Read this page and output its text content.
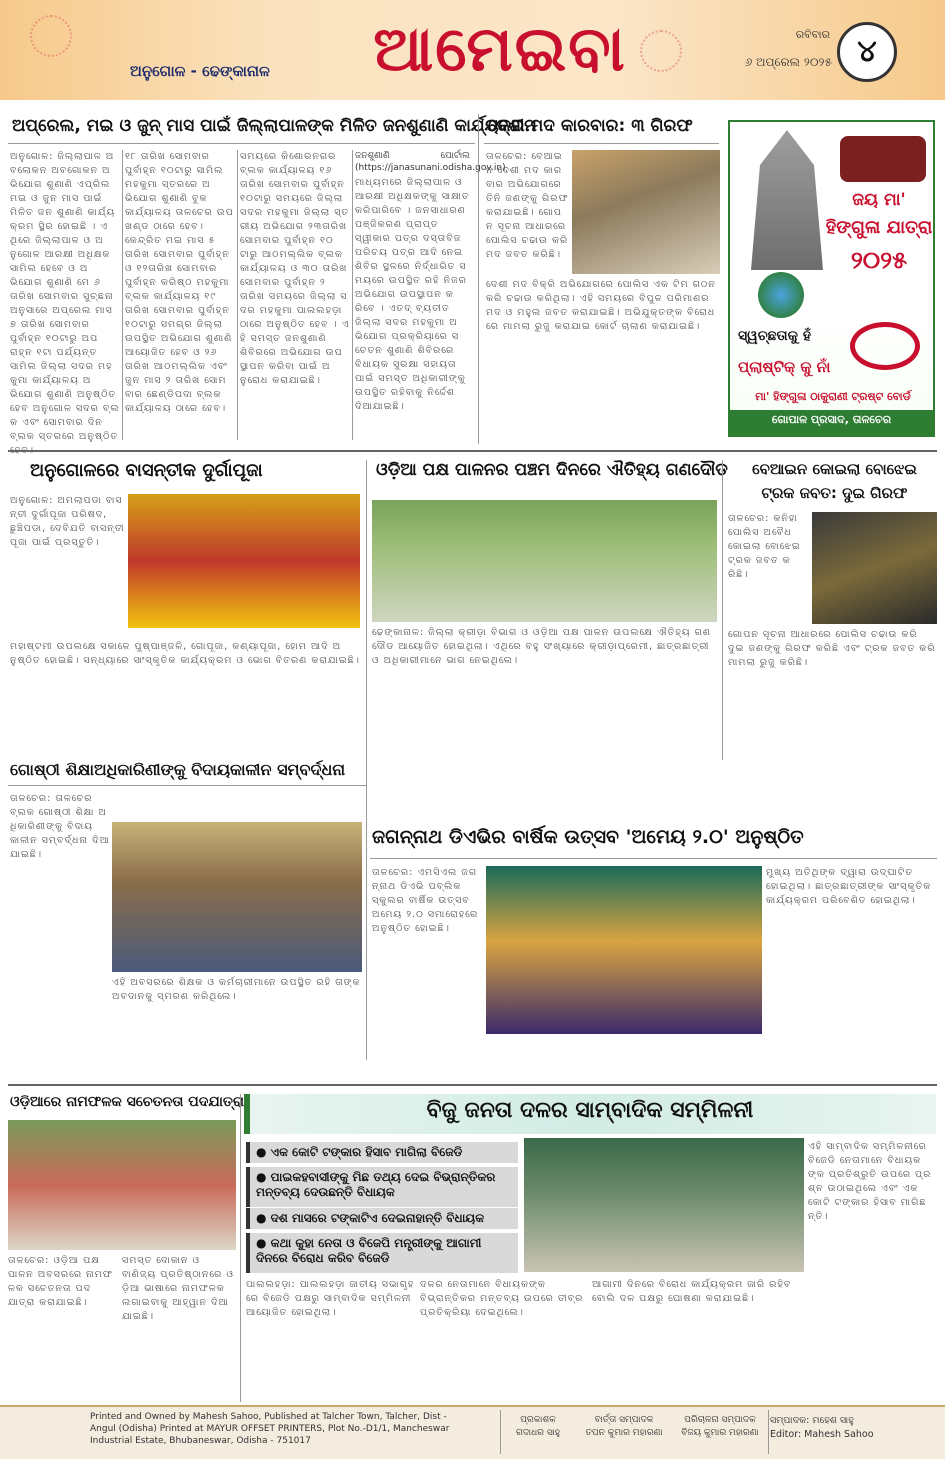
ଆମେଇବା
ଅନୁଗୋଳ - ଢେଙ୍କାନାଳ
ରବିବାର
୬ ଅପ୍ରେଲ ୨୦୨୫ ୪
ଅପ୍ରେଲ, ମଇ ଓ ଜୁନ୍ ମାସ ପାଇଁ ଜିଲ୍ଲାପାଳଙ୍କ ମିଳିତ ଜନଶୁଣାଣି କାର୍ଯ୍ୟକ୍ରମ
ଅନୁଗୋଳ: ଜିଲ୍ଲାପାଳ ଅବଲୋକନ ଅବଗୋକନ ଅଭିଯୋଗ ଶୁଣାଣି ଏପ୍ରିଲ ମଇ ଓ ଜୁନ ମାସ ପାଇଁ ମିଳିତ ଜନ ଶୁଣାଣି କାର୍ଯ୍ୟକ୍ରମ ସ୍ଥିର ହୋଇଛି । ଏଥିରେ ଜିଲ୍ଲାପାଳ ଓ ଅନୁଗୋଳ ଆରକ୍ଷୀ ଅଧିକ୍ଷକ ସାମିଲ ହେବେ ଓ ଅଭିଯୋଗ ଶୁଣାଣି ମେ ୬ ତାରିଖ ସୋମବାର ସୁଚ୍ଛନା ଅନୁସାରେ ଅପ୍ରେଲ ମାସ ୭ ତାରିଖ ସୋମବାର ପୁର୍ବାହ୍ନ ୧୦ଟାରୁ ଅପରାହ୍ନ ୧ଟା ପର୍ଯ୍ୟନ୍ତ ସାମିଲ ଜିଲ୍ଲା ସଦର ମହକୁମା କାର୍ଯ୍ୟାଳୟ ଅଭିଯୋଗ ଶୁଣାଣି ଅନୁଷ୍ଠିତ ହେବ ଅନୁଗୋଳ ସଦର ବ୍ଲକ ଏବଂ ସୋମବାର ଦିନ ବ୍ଲକ ସ୍ତରରେ ଅନୁଷ୍ଠିତ ହେବ।
୧୮ ତାରିଖ ସୋମବାର ପୁର୍ବାହ୍ନ ୧୦ଟାରୁ ସାମିଲ ମହକୁମା ସ୍ତରରେ ଅଭିଯୋଗ ଶୁଣାଣି ବୁକ କାର୍ଯ୍ୟାଳୟ ତାଳଚେର ଉପଖଣ୍ଡ ଠାରେ ହେବ। କେନ୍ଦ୍ରିତ ମଇ ମାସ ୫ ତାରିଖ ସୋମବାର ପୁର୍ବାହ୍ନ ଓ ୧୨ତାରିଖ ସୋମବାର ପୁର୍ବାହ୍ନ କରିଷ୍ଠ ମହକୁମା ବ୍ଲକ କାର୍ଯ୍ୟାଳୟ ୧୯ ତାରିଖ ସୋମବାର ପୁର୍ବାହ୍ନ ୧୦ଟାରୁ ସମଗ୍ର ଜିଲ୍ଲା ଉପସ୍ଥିତ ଅଭିଯୋଗ ଶୁଣାଣି ଆୟୋଜିତ ହେବ ଓ ୨୬ ତାରିଖ ଆଠମଲ୍ଲିକ ଏବଂ ଜୁନ ମାସ ୨ ତାରିଖ ସୋମବାର ଛେଣ୍ଡିପଦା ବ୍ଲକ କାର୍ଯ୍ୟାଳୟ ଠାରେ ହେବ।
ସମୟରେ କିଶୋରନଗର ବ୍ଲକ କାର୍ଯ୍ୟାଳୟ ୧୬ତାରିଖ ସୋମବାର ପୁର୍ବାହ୍ନ ୧୦ଟାରୁ ସମୟରେ ଜିଲ୍ଲା ସଦର ମହକୁମା ଜିଲ୍ଲା ସ୍ତରୀୟ ଅଭିଯୋଗ ୨୩ତାରିଖ ସୋମବାର ପୁର୍ବାହ୍ନ ୧୦ଟାରୁ ଆଠମଲ୍ଲିକ ବ୍ଲକ କାର୍ଯ୍ୟାଳୟ ଓ ୩୦ ତାରିଖ ସୋମବାର ପୁର୍ବାହ୍ନ ୨ ତାରିଖ ସମୟରେ ଜିଲ୍ଲା ସଦର ମହକୁମା ପାଲଲହଡ଼ା ଠାରେ ଅନୁଷ୍ଠିତ ହେବ । ଏହି ସମସ୍ତ ଜନଶୁଣାଣି ଶିବିରରେ ଅଭିଯୋଗ ଉପସ୍ଥାପନ କରିବା ପାଇଁ ଅନୁରୋଧ କରାଯାଇଛି।
ଜନଶୁଣାଣି ପୋର୍ଟାଲ (https://janasunani.odisha.gov.in)
ମାଧ୍ୟମରେ ଜିଲ୍ଲାପାଳ ଓ ଆରକ୍ଷୀ ଅଧିକ୍ଷକଙ୍କୁ ସାକ୍ଷାତ କରିପାରିବେ । ଜନସାଧାରଣ ପଞ୍ଜିକରଣ ପ୍ରାପ୍ତ ସ୍ୱୀକାର ପତ୍ର ଦସ୍ତାବିଜ ପରିଚୟ ପତ୍ର ଆଦି ନେଇ ଶିବିର ସ୍ଥଳରେ ନିର୍ଦ୍ଧାରିତ ସମୟରେ ଉପସ୍ଥିତ ରହି ନିଜର ଅଭିଯୋଗ ଉପସ୍ଥାପନ କରିବେ । ଏତଦ୍ ବ୍ୟତୀତ ଜିଲ୍ଲା ସଦର ମହକୁମା ଅଭିଯୋଗ ପ୍ରକ୍ରିୟାରେ ସଚେତନ ଶୁଣାଣି ଶିବିରରେ ବିଧାୟକ ସୁରକ୍ଷା ସହାୟତା ପାଇଁ ସମସ୍ତ ଅଧିକାରୀଙ୍କୁ ଉପସ୍ଥିତ ରହିବାକୁ ନିର୍ଦ୍ଦେଶ ଦିଆଯାଇଛି।
ଦେଶୀ ମଦ କାରବାର: ୩ ଗିରଫ
ତାଳଚେର: ବେଆଇନ ଦେଶୀ ମଦ କାରବାର ଅଭିଯୋଗରେ ତିନି ଜଣଙ୍କୁ ଗିରଫ କରାଯାଇଛି। ଗୋପନ ସୂଚନା ଆଧାରରେ ପୋଲିସ ଚଢାଉ କରି ମଦ ଜବତ କରିଛି।
ଦେଶୀ ମଦ ବିକ୍ରି ଅଭିଯୋଗରେ ପୋଲିସ ଏକ ଟିମ ଗଠନ କରି ଚଢାଉ କରିଥିଲା। ଏହି ସମୟରେ ବିପୁଳ ପରିମାଣର ମଦ ଓ ମହୁଲ ଜବତ କରାଯାଇଛି। ଅଭିଯୁକ୍ତଙ୍କ ବିରୋଧରେ ମାମଲା ରୁଜୁ କରାଯାଇ କୋର୍ଟ ଚାଲାଣ କରାଯାଇଛି।
ଜୟ ମା'
ହିଙ୍ଗୁଳା ଯାତ୍ରା
୨୦୨୫
ସ୍ୱଚ୍ଛତାକୁ ହଁ
ପ୍ଲାଷ୍ଟିକ୍ କୁ ନାଁ
ମା' ହିଙ୍ଗୁଳା ଠାକୁରାଣୀ ଟ୍ରଷ୍ଟ ବୋର୍ଡ
ଗୋପାଳ ପ୍ରସାଦ, ତାଳଚେର
ଅନୁଗୋଳରେ ବାସନ୍ତୀକ ଦୁର୍ଗାପୂଜା
ଅନୁଗୋଳ: ଅମଲାପଡା ବାସନ୍ତୀ ଦୁର୍ଗାପୂଜା ପରିଷଦ, ଛୁଞ୍ଚିପଡା, ଦେବିଯତି ବାସନ୍ତୀ ପୂଜା ପାଇଁ ପ୍ରସ୍ତୁତି।
ମହାଷ୍ଟମୀ ଉପଲକ୍ଷେ ସକାଳେ ପୁଷ୍ପାଞ୍ଜଳି, ଗୋପୂଜା, କଣ୍ୟାପୂଜା, ହୋମ ଆଦି ଅନୁଷ୍ଠିତ ହୋଇଛି। ସନ୍ଧ୍ୟାରେ ସାଂସ୍କୃତିକ କାର୍ଯ୍ୟକ୍ରମ ଓ ଭୋଗ ବିତରଣ କରାଯାଇଛି।
ଓଡ଼ିଆ ପକ୍ଷ ପାଳନର ପଞ୍ଚମ ଦିନରେ ଐତିହ୍ୟ ଗଣଦୌଡ
ଢେଙ୍କାନାଳ: ଜିଲ୍ଲା କ୍ରୀଡ଼ା ବିଭାଗ ଓ ଓଡ଼ିଆ ପକ୍ଷ ପାଳନ ଉପଲକ୍ଷେ ଐତିହ୍ୟ ଗଣଦୌଡ ଆୟୋଜିତ ହୋଇଥିଲା। ଏଥିରେ ବହୁ ସଂଖ୍ୟାରେ କ୍ରୀଡ଼ାପ୍ରେମୀ, ଛାତ୍ରଛାତ୍ରୀ ଓ ଅଧିକାରୀମାନେ ଭାଗ ନେଇଥିଲେ।
ବେଆଇନ କୋଇଲା ବୋଝେଇ
ଟ୍ରକ ଜବତ: ଦୁଇ ଗିରଫ
ତାଳଚେର: କନିହା ପୋଲିସ ଅବୈଧ କୋଇଲା ବୋଝେଇ ଟ୍ରକ ଜବତ କରିଛି।
ଗୋପନ ସୂଚନା ଆଧାରରେ ପୋଲିସ ଚଢାଉ କରି ଦୁଇ ଜଣଙ୍କୁ ଗିରଫ କରିଛି ଏବଂ ଟ୍ରକ ଜବତ କରି ମାମଲା ରୁଜୁ କରିଛି।
ଗୋଷ୍ଠୀ ଶିକ୍ଷାଅଧିକାରିଣୀଙ୍କୁ ବିଦାୟକାଳୀନ ସମ୍ବର୍ଦ୍ଧନା
ତାଳଚେର: ତାଳଚେର ବ୍ଲକ ଗୋଷ୍ଠୀ ଶିକ୍ଷା ଅଧିକାରିଣୀଙ୍କୁ ବିଦାୟକାଳୀନ ସମ୍ବର୍ଦ୍ଧନା ଦିଆଯାଇଛି।
ଏହି ଅବସରରେ ଶିକ୍ଷକ ଓ କର୍ମଚାରୀମାନେ ଉପସ୍ଥିତ ରହି ତାଙ୍କ ଅବଦାନକୁ ସ୍ମରଣ କରିଥିଲେ।
ଜଗନ୍ନାଥ ଡିଏଭିର ବାର୍ଷିକ ଉତ୍ସବ 'ଅମେୟ ୨.୦' ଅନୁଷ୍ଠିତ
ତାଳଚେର: ଏମସିଏଲ ଜଗନ୍ନାଥ ଡିଏଭି ପବ୍ଲିକ ସ୍କୁଲର ବାର୍ଷିକ ଉତ୍ସବ ଅମେୟ ୨.୦ ସମାରୋହରେ ଅନୁଷ୍ଠିତ ହୋଇଛି।
ମୁଖ୍ୟ ଅତିଥିଙ୍କ ଦ୍ୱାରା ଉଦ୍‌ଘାଟିତ ହୋଇଥିଲା। ଛାତ୍ରଛାତ୍ରୀଙ୍କ ସାଂସ୍କୃତିକ କାର୍ଯ୍ୟକ୍ରମ ପରିବେଶିତ ହୋଇଥିଲା।
ଓଡ଼ିଆରେ ନାମଫଳକ ସଚେତନତା ପଦଯାତ୍ରା
ତାଳଚେର: ଓଡ଼ିଆ ପକ୍ଷ ପାଳନ ଅବସରରେ ନାମଫଳକ ସଚେତନତା ପଦଯାତ୍ରା କରାଯାଇଛି।
ସମସ୍ତ ଦୋକାନ ଓ ବାଣିଜ୍ୟ ପ୍ରତିଷ୍ଠାନରେ ଓଡ଼ିଆ ଭାଷାରେ ନାମଫଳକ ଲଗାଇବାକୁ ଆହ୍ୱାନ ଦିଆଯାଇଛି।
ବିଜୁ ଜନତା ଦଳର ସାମ୍ବାଦିକ ସମ୍ମିଳନୀ
● ଏକ କୋଟି ଟଙ୍କାର ହିସାବ ମାଗିଲା ବିଜେଡି
● ପାଇକହବାସୀଙ୍କୁ ମିଛ ତଥ୍ୟ ଦେଇ ବିଭ୍ରାନ୍ତିକର ମନ୍ତବ୍ୟ ଦେଉଛନ୍ତି ବିଧାୟକ
● ଦଶ ମାସରେ ଟଙ୍କାଟିଏ ଦେଇନାହାନ୍ତି ବିଧାୟକ
● କଥା କୁହା ନେତା ଓ ବିଜେପି ମନ୍ତ୍ରୀଙ୍କୁ ଆଗାମୀ ଦିନରେ ବିରୋଧ କରିବ ବିଜେଡି
ଏହି ସାମ୍ବାଦିକ ସମ୍ମିଳନୀରେ ବିଜେଡି ନେତାମାନେ ବିଧାୟକଙ୍କ ପ୍ରତିଶ୍ରୁତି ଉପରେ ପ୍ରଶ୍ନ ଉଠାଇଥିଲେ ଏବଂ ଏକ କୋଟି ଟଙ୍କାର ହିସାବ ମାଗିଛନ୍ତି।
ପାଲଲହଡ଼ା: ପାଲଲହଡ଼ା ଜାତୀୟ ସଭାଗୃହରେ ବିଜେଡି ପକ୍ଷରୁ ସାମ୍ବାଦିକ ସମ୍ମିଳନୀ ଆୟୋଜିତ ହୋଇଥିଲା।
ଦଳର ନେତାମାନେ ବିଧାୟକଙ୍କ ବିଭ୍ରାନ୍ତିକର ମନ୍ତବ୍ୟ ଉପରେ ତୀବ୍ର ପ୍ରତିକ୍ରିୟା ଦେଇଥିଲେ।
ଆଗାମୀ ଦିନରେ ବିରୋଧ କାର୍ଯ୍ୟକ୍ରମ ଜାରି ରହିବ ବୋଲି ଦଳ ପକ୍ଷରୁ ଘୋଷଣା କରାଯାଇଛି।
Printed and Owned by Mahesh Sahoo, Published at Talcher Town, Talcher, Dist - Angul (Odisha) Printed at MAYUR OFFSET PRINTERS, Plot No.-D1/1, Mancheswar Industrial Estate, Bhubaneswar, Odisha - 751017
ପ୍ରକାଶକ
ଗଦାଧର ସାହୁ
ବାର୍ତ୍ତା ସମ୍ପାଦକ
ତପନ କୁମାର ମହାରଣା
ପରିଚାଳନା ସମ୍ପାଦକ
ବିଜୟ କୁମାର ମହାରଣା
ସମ୍ପାଦକ: ମହେଶ ସାହୁ
Editor: Mahesh Sahoo
